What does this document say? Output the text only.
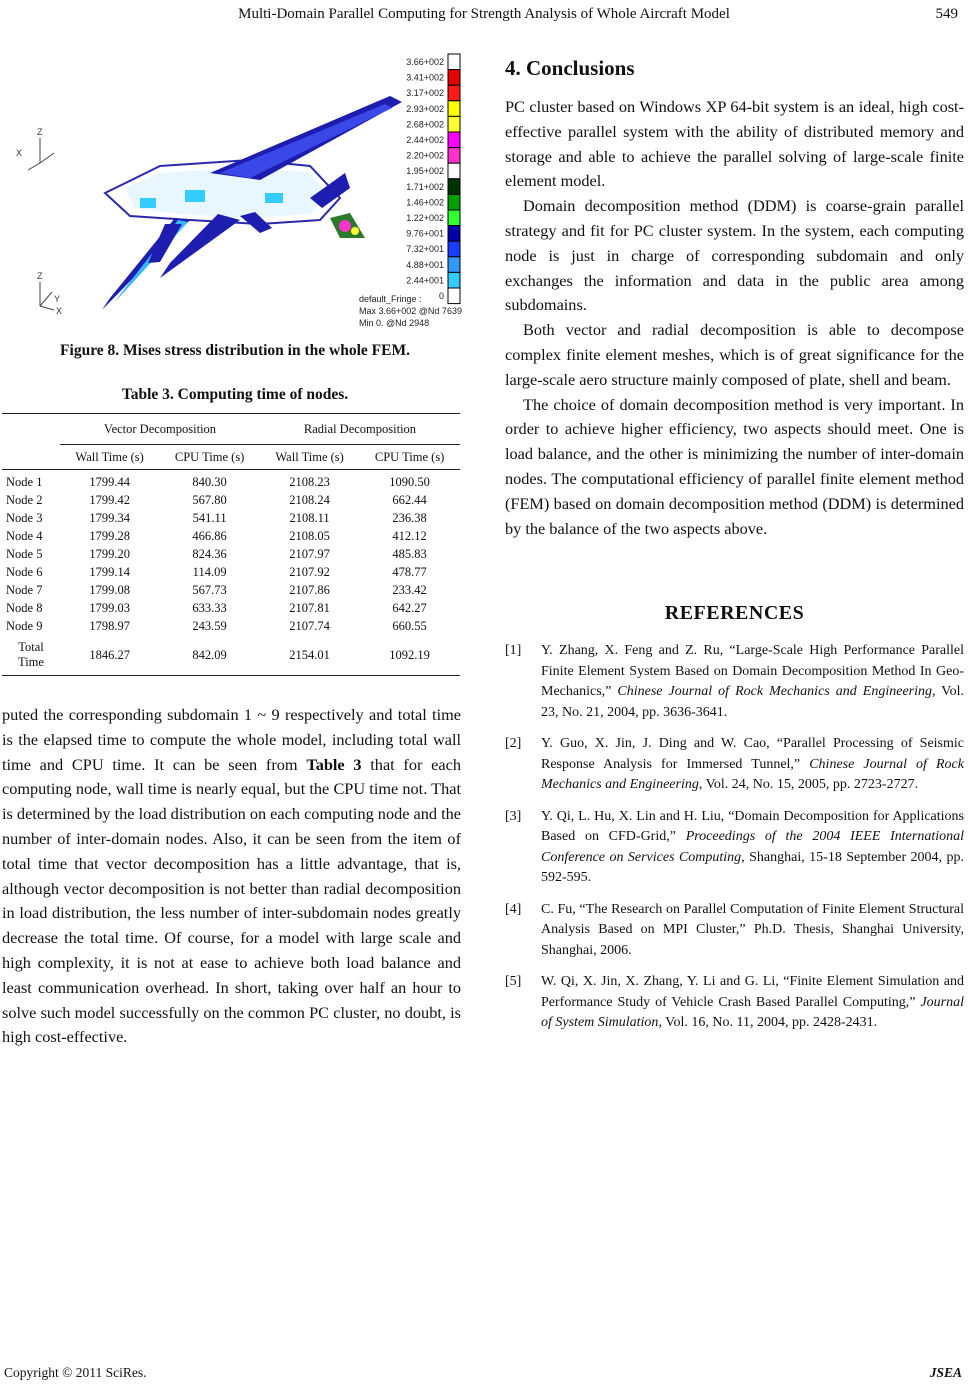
Multi-Domain Parallel Computing for Strength Analysis of Whole Aircraft Model	549
Z
X
Z
Y
X
3.66+002
3.41+002
3.17+002
2.93+002
2.68+002
2.44+002
2.20+002
1.95+002
1.71+002
1.46+002
1.22+002
9.76+001
7.32+001
4.88+001
2.44+001
0
default_Fringe :
Max 3.66+002 @Nd 7639
Min 0. @Nd 2948
Figure 8. Mises stress distribution in the whole FEM.
Table 3. Computing time of nodes.
	Vector Decomposition		Radial Decomposition	
	Wall Time (s)	CPU Time (s)	Wall Time (s)	CPU Time (s)
Node 1	1799.44	840.30	2108.23	1090.50
Node 2	1799.42	567.80	2108.24	662.44
Node 3	1799.34	541.11	2108.11	236.38
Node 4	1799.28	466.86	2108.05	412.12
Node 5	1799.20	824.36	2107.97	485.83
Node 6	1799.14	114.09	2107.92	478.77
Node 7	1799.08	567.73	2107.86	233.42
Node 8	1799.03	633.33	2107.81	642.27
Node 9	1798.97	243.59	2107.74	660.55
Total
Time	1846.27	842.09	2154.01	1092.19

puted the corresponding subdomain 1 ~ 9 respectively and total time is the elapsed time to compute the whole model, including total wall time and CPU time. It can be seen from Table 3 that for each computing node, wall time is nearly equal, but the CPU time not. That is determined by the load distribution on each computing node and the number of inter-domain nodes. Also, it can be seen from the item of total time that vector decomposition has a little advantage, that is, although vector decomposition is not better than radial decomposition in load distribution, the less number of inter-subdomain nodes greatly decrease the total time. Of course, for a model with large scale and high complexity, it is not at ease to achieve both load balance and least communication overhead. In short, taking over half an hour to solve such model successfully on the common PC cluster, no doubt, is high cost-effective.

4. Conclusions

PC cluster based on Windows XP 64-bit system is an ideal, high cost-effective parallel system with the ability of distributed memory and storage and able to achieve the parallel solving of large-scale finite element model.

Domain decomposition method (DDM) is coarse-grain parallel strategy and fit for PC cluster system. In the system, each computing node is just in charge of corresponding subdomain and only exchanges the information and data in the public area among subdomains.

Both vector and radial decomposition is able to decompose complex finite element meshes, which is of great significance for the large-scale aero structure mainly composed of plate, shell and beam.

The choice of domain decomposition method is very important. In order to achieve higher efficiency, two aspects should meet. One is load balance, and the other is minimizing the number of inter-domain nodes. The computational efficiency of parallel finite element method (FEM) based on domain decomposition method (DDM) is determined by the balance of the two aspects above.

REFERENCES
[1]	Y. Zhang, X. Feng and Z. Ru, “Large-Scale High Performance Parallel Finite Element System Based on Domain Decomposition Method In Geo-Mechanics,” Chinese Journal of Rock Mechanics and Engineering, Vol. 23, No. 21, 2004, pp. 3636-3641.
[2]	Y. Guo, X. Jin, J. Ding and W. Cao, “Parallel Processing of Seismic Response Analysis for Immersed Tunnel,” Chinese Journal of Rock Mechanics and Engineering, Vol. 24, No. 15, 2005, pp. 2723-2727.
[3]	Y. Qi, L. Hu, X. Lin and H. Liu, “Domain Decomposition for Applications Based on CFD-Grid,” Proceedings of the 2004 IEEE International Conference on Services Computing, Shanghai, 15-18 September 2004, pp. 592-595.
[4]	C. Fu, “The Research on Parallel Computation of Finite Element Structural Analysis Based on MPI Cluster,” Ph.D. Thesis, Shanghai University, Shanghai, 2006.
[5]	W. Qi, X. Jin, X. Zhang, Y. Li and G. Li, “Finite Element Simulation and Performance Study of Vehicle Crash Based Parallel Computing,” Journal of System Simulation, Vol. 16, No. 11, 2004, pp. 2428-2431.
Copyright © 2011 SciRes.	JSEA
